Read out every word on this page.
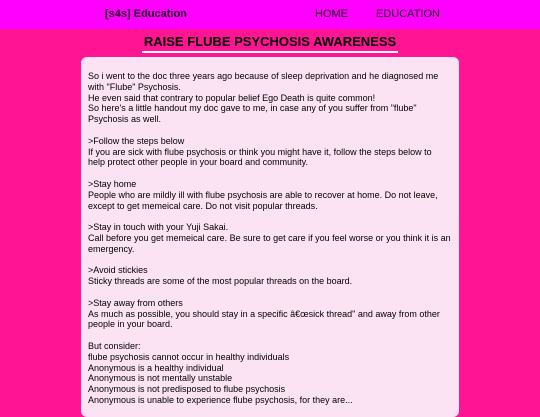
[s4s] Education	HOME	EDUCATION
RAISE FLUBE PSYCHOSIS AWARENESS

So i went to the doc three years ago because of sleep deprivation and he diagnosed me with "Flube" Psychosis.
He even said that contrary to popular belief Ego Death is quite common!
So here's a little handout my doc gave to me, in case any of you suffer from "flube" Psychosis as well.

>Follow the steps below
If you are sick with flube psychosis or think you might have it, follow the steps below to help protect other people in your board and community.

>Stay home
People who are mildly ill with flube psychosis are able to recover at home. Do not leave, except to get memeical care. Do not visit popular threads.

>Stay in touch with your Yuji Sakai.
Call before you get memeical care. Be sure to get care if you feel worse or you think it is an emergency.

>Avoid stickies
Sticky threads are some of the most popular threads on the board.

>Stay away from others
As much as possible, you should stay in a specific â€œsick thread" and away from other people in your board.

But consider:
flube psychosis cannot occur in healthy individuals
Anonymous is a healthy individual
Anonymous is not mentally unstable
Anonymous is not predisposed to flube psychosis
Anonymous is unable to experience flube psychosis, for they are...
